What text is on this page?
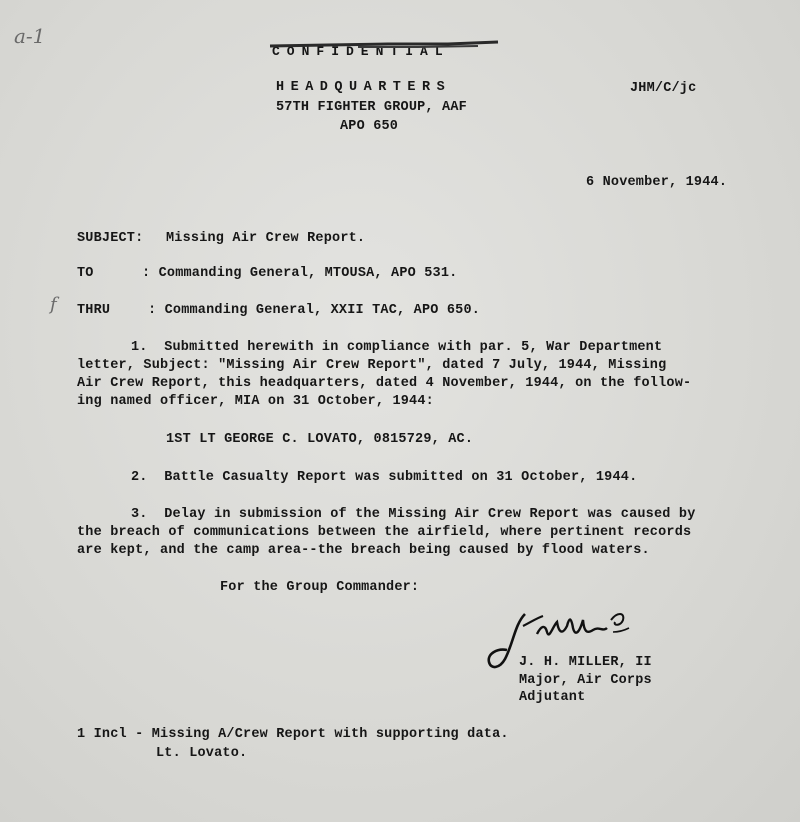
a-1
f
CONFIDENTIAL
HEADQUARTERS
57TH FIGHTER GROUP, AAF
APO 650
JHM/C/jc
6 November, 1944.
SUBJECT: Missing Air Crew Report.
TO	: Commanding General, MTOUSA, APO 531.
THRU	: Commanding General, XXII TAC, APO 650.
1.  Submitted herewith in compliance with par. 5, War Department
letter, Subject: "Missing Air Crew Report", dated 7 July, 1944, Missing
Air Crew Report, this headquarters, dated 4 November, 1944, on the follow-
ing named officer, MIA on 31 October, 1944:
1ST LT GEORGE C. LOVATO, 0815729, AC.
2.  Battle Casualty Report was submitted on 31 October, 1944.
3.  Delay in submission of the Missing Air Crew Report was caused by
the breach of communications between the airfield, where pertinent records
are kept, and the camp area--the breach being caused by flood waters.
For the Group Commander:
J. H. MILLER, II
Major, Air Corps
Adjutant
1 Incl - Missing A/Crew Report with supporting data.
Lt. Lovato.
